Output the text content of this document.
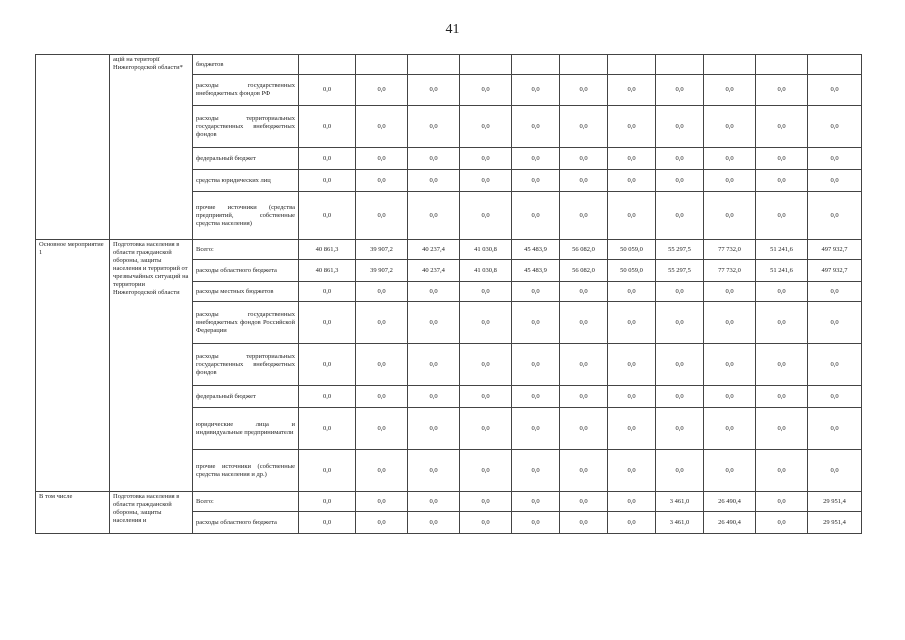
41
	ацій на території Нижегородской области*	бюджетов											
		расходы государственных внебюджетных фондов РФ	0,0	0,0	0,0	0,0	0,0	0,0	0,0	0,0	0,0	0,0	0,0
		расходы территориальных государственных внебюджетных фондов	0,0	0,0	0,0	0,0	0,0	0,0	0,0	0,0	0,0	0,0	0,0
		федеральный бюджет	0,0	0,0	0,0	0,0	0,0	0,0	0,0	0,0	0,0	0,0	0,0
		средства юридических лиц	0,0	0,0	0,0	0,0	0,0	0,0	0,0	0,0	0,0	0,0	0,0
		прочие источники (средства предприятий, собственные средства населения)	0,0	0,0	0,0	0,0	0,0	0,0	0,0	0,0	0,0	0,0	0,0
Основное мероприятие 1	Подготовка населения в области гражданской обороны, защиты населения и территорий от чрезвычайных ситуаций на территории Нижегородской области	Всего:	40 861,3	39 907,2	40 237,4	41 030,8	45 483,9	56 082,0	50 059,0	55 297,5	77 732,0	51 241,6	497 932,7
		расходы областного бюджета	40 861,3	39 907,2	40 237,4	41 030,8	45 483,9	56 082,0	50 059,0	55 297,5	77 732,0	51 241,6	497 932,7
		расходы местных бюджетов	0,0	0,0	0,0	0,0	0,0	0,0	0,0	0,0	0,0	0,0	0,0
		расходы государственных внебюджетных фондов Российской Федерации	0,0	0,0	0,0	0,0	0,0	0,0	0,0	0,0	0,0	0,0	0,0
		расходы территориальных государственных внебюджетных фондов	0,0	0,0	0,0	0,0	0,0	0,0	0,0	0,0	0,0	0,0	0,0
		федеральный бюджет	0,0	0,0	0,0	0,0	0,0	0,0	0,0	0,0	0,0	0,0	0,0
		юридические лица и индивидуальные предприниматели	0,0	0,0	0,0	0,0	0,0	0,0	0,0	0,0	0,0	0,0	0,0
		прочие источники (собственные средства населения и др.)	0,0	0,0	0,0	0,0	0,0	0,0	0,0	0,0	0,0	0,0	0,0
В том числе	Подготовка населения в области гражданской обороны, защиты населения и	Всего:	0,0	0,0	0,0	0,0	0,0	0,0	0,0	3 461,0	26 490,4	0,0	29 951,4
		расходы областного бюджета	0,0	0,0	0,0	0,0	0,0	0,0	0,0	3 461,0	26 490,4	0,0	29 951,4
